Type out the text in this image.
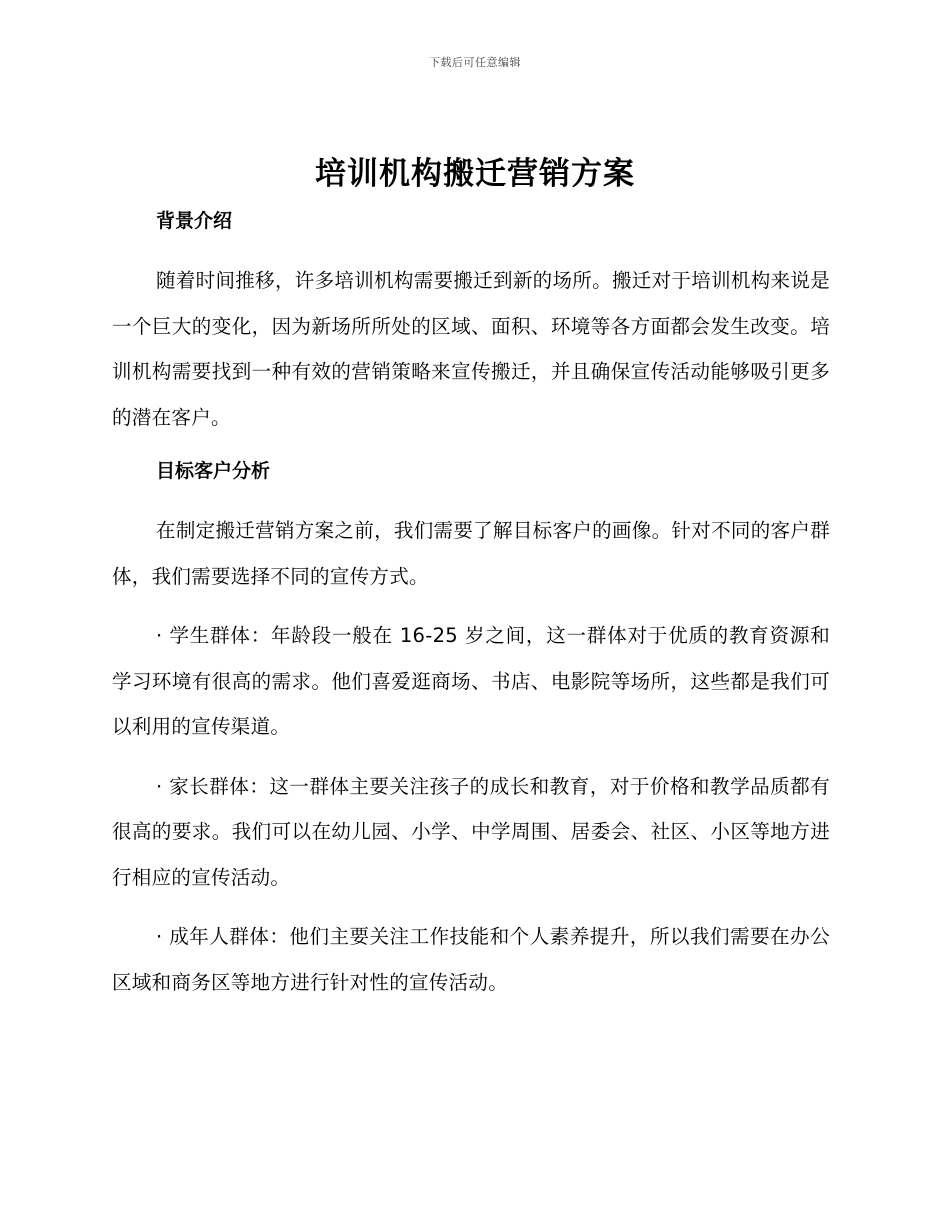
下载后可任意编辑
培训机构搬迁营销方案
背景介绍

随着时间推移，许多培训机构需要搬迁到新的场所。搬迁对于培训机构来说是一个巨大的变化，因为新场所所处的区域、面积、环境等各方面都会发生改变。培训机构需要找到一种有效的营销策略来宣传搬迁，并且确保宣传活动能够吸引更多的潜在客户。

目标客户分析

在制定搬迁营销方案之前，我们需要了解目标客户的画像。针对不同的客户群体，我们需要选择不同的宣传方式。

· 学生群体：年龄段一般在 16-25 岁之间，这一群体对于优质的教育资源和学习环境有很高的需求。他们喜爱逛商场、书店、电影院等场所，这些都是我们可以利用的宣传渠道。

· 家长群体：这一群体主要关注孩子的成长和教育，对于价格和教学品质都有很高的要求。我们可以在幼儿园、小学、中学周围、居委会、社区、小区等地方进行相应的宣传活动。

· 成年人群体：他们主要关注工作技能和个人素养提升，所以我们需要在办公区域和商务区等地方进行针对性的宣传活动。
